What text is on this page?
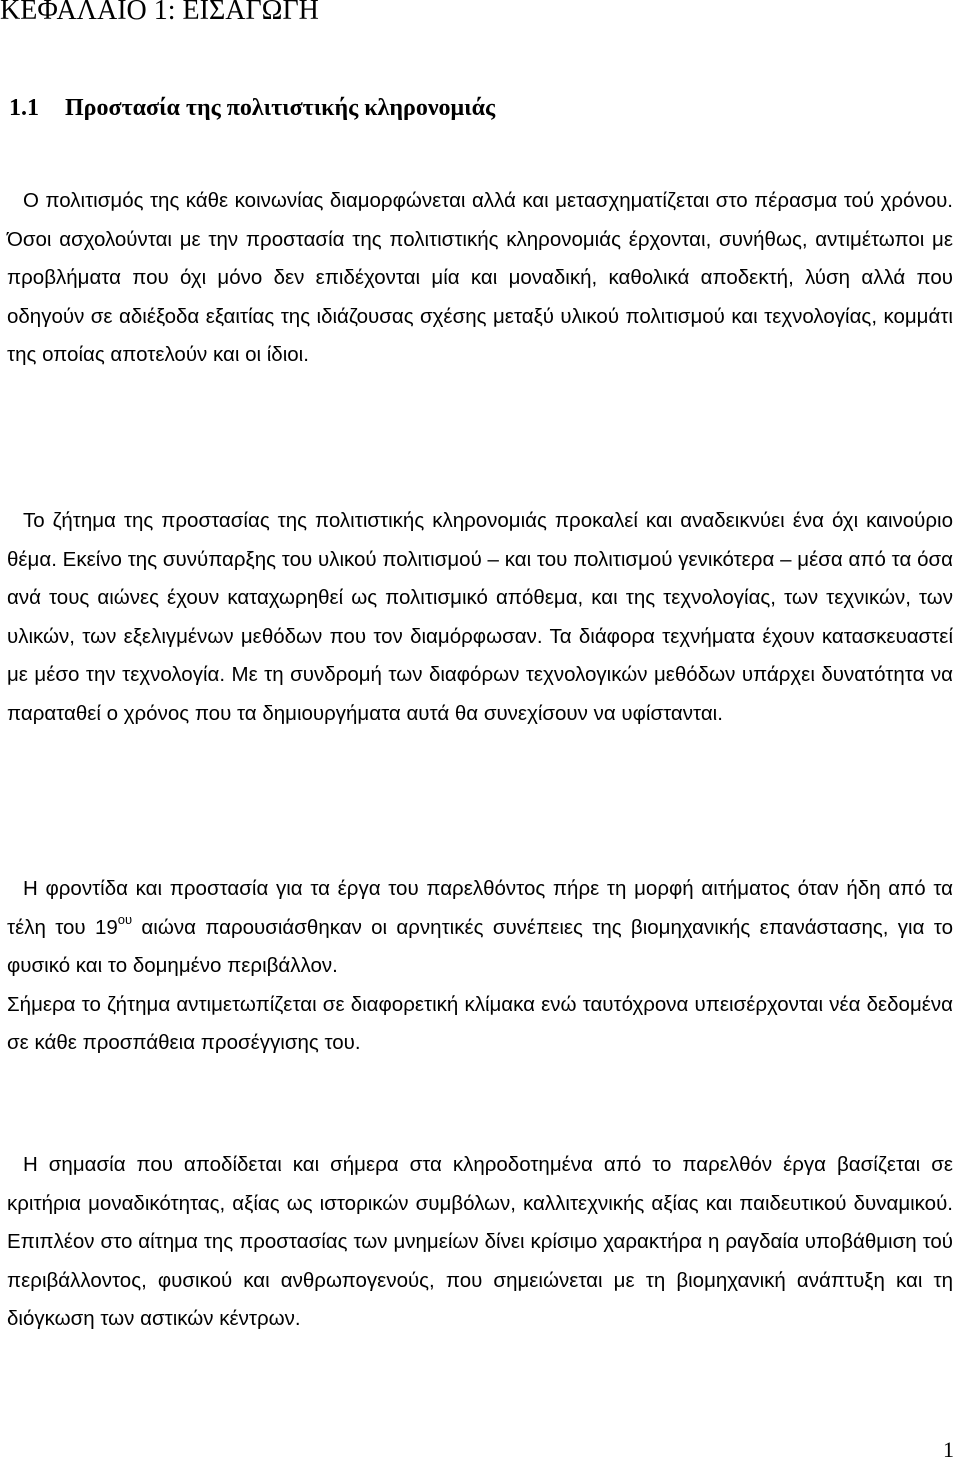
ΚΕΦΑΛΑΙΟ 1: ΕΙΣΑΓΩΓΗ
1.1 Προστασία της πολιτιστικής κληρονομιάς

Ο πολιτισμός της κάθε κοινωνίας διαμορφώνεται αλλά και μετασχηματίζεται στο πέρασμα τού χρόνου. Όσοι ασχολούνται με την προστασία της πολιτιστικής κληρονομιάς έρχονται, συνήθως, αντιμέτωποι με προβλήματα που όχι μόνο δεν επιδέχονται μία και μοναδική, καθολικά αποδεκτή, λύση αλλά που οδηγούν σε αδιέξοδα εξαιτίας της ιδιάζουσας σχέσης μεταξύ υλικού πολιτισμού και τεχνολογίας, κομμάτι της οποίας αποτελούν και οι ίδιοι.

Το ζήτημα της προστασίας της πολιτιστικής κληρονομιάς προκαλεί και αναδεικνύει ένα όχι καινούριο θέμα. Εκείνο της συνύπαρξης του υλικού πολιτισμού – και του πολιτισμού γενικότερα – μέσα από τα όσα ανά τους αιώνες έχουν καταχωρηθεί ως πολιτισμικό απόθεμα, και της τεχνολογίας, των τεχνικών, των υλικών, των εξελιγμένων μεθόδων που τον διαμόρφωσαν. Τα διάφορα τεχνήματα έχουν κατασκευαστεί με μέσο την τεχνολογία. Με τη συνδρομή των διαφόρων τεχνολογικών μεθόδων υπάρχει δυνατότητα να παραταθεί ο χρόνος που τα δημιουργήματα αυτά θα συνεχίσουν να υφίστανται.

Η φροντίδα και προστασία για τα έργα του παρελθόντος πήρε τη μορφή αιτήματος όταν ήδη από τα τέλη του $19^{o\upsilon}$ αιώνα παρουσιάσθηκαν οι αρνητικές συνέπειες της βιομηχανικής επανάστασης, για το φυσικό και το δομημένο περιβάλλον.
Σήμερα το ζήτημα αντιμετωπίζεται σε διαφορετική κλίμακα ενώ ταυτόχρονα υπεισέρχονται νέα δεδομένα σε κάθε προσπάθεια προσέγγισης του.

Η σημασία που αποδίδεται και σήμερα στα κληροδοτημένα από το παρελθόν έργα βασίζεται σε κριτήρια μοναδικότητας, αξίας ως ιστορικών συμβόλων, καλλιτεχνικής αξίας και παιδευτικού δυναμικού. Επιπλέον στο αίτημα της προστασίας των μνημείων δίνει κρίσιμο χαρακτήρα η ραγδαία υποβάθμιση τού περιβάλλοντος, φυσικού και ανθρωπογενούς, που σημειώνεται με τη βιομηχανική ανάπτυξη και τη διόγκωση των αστικών κέντρων.

1
